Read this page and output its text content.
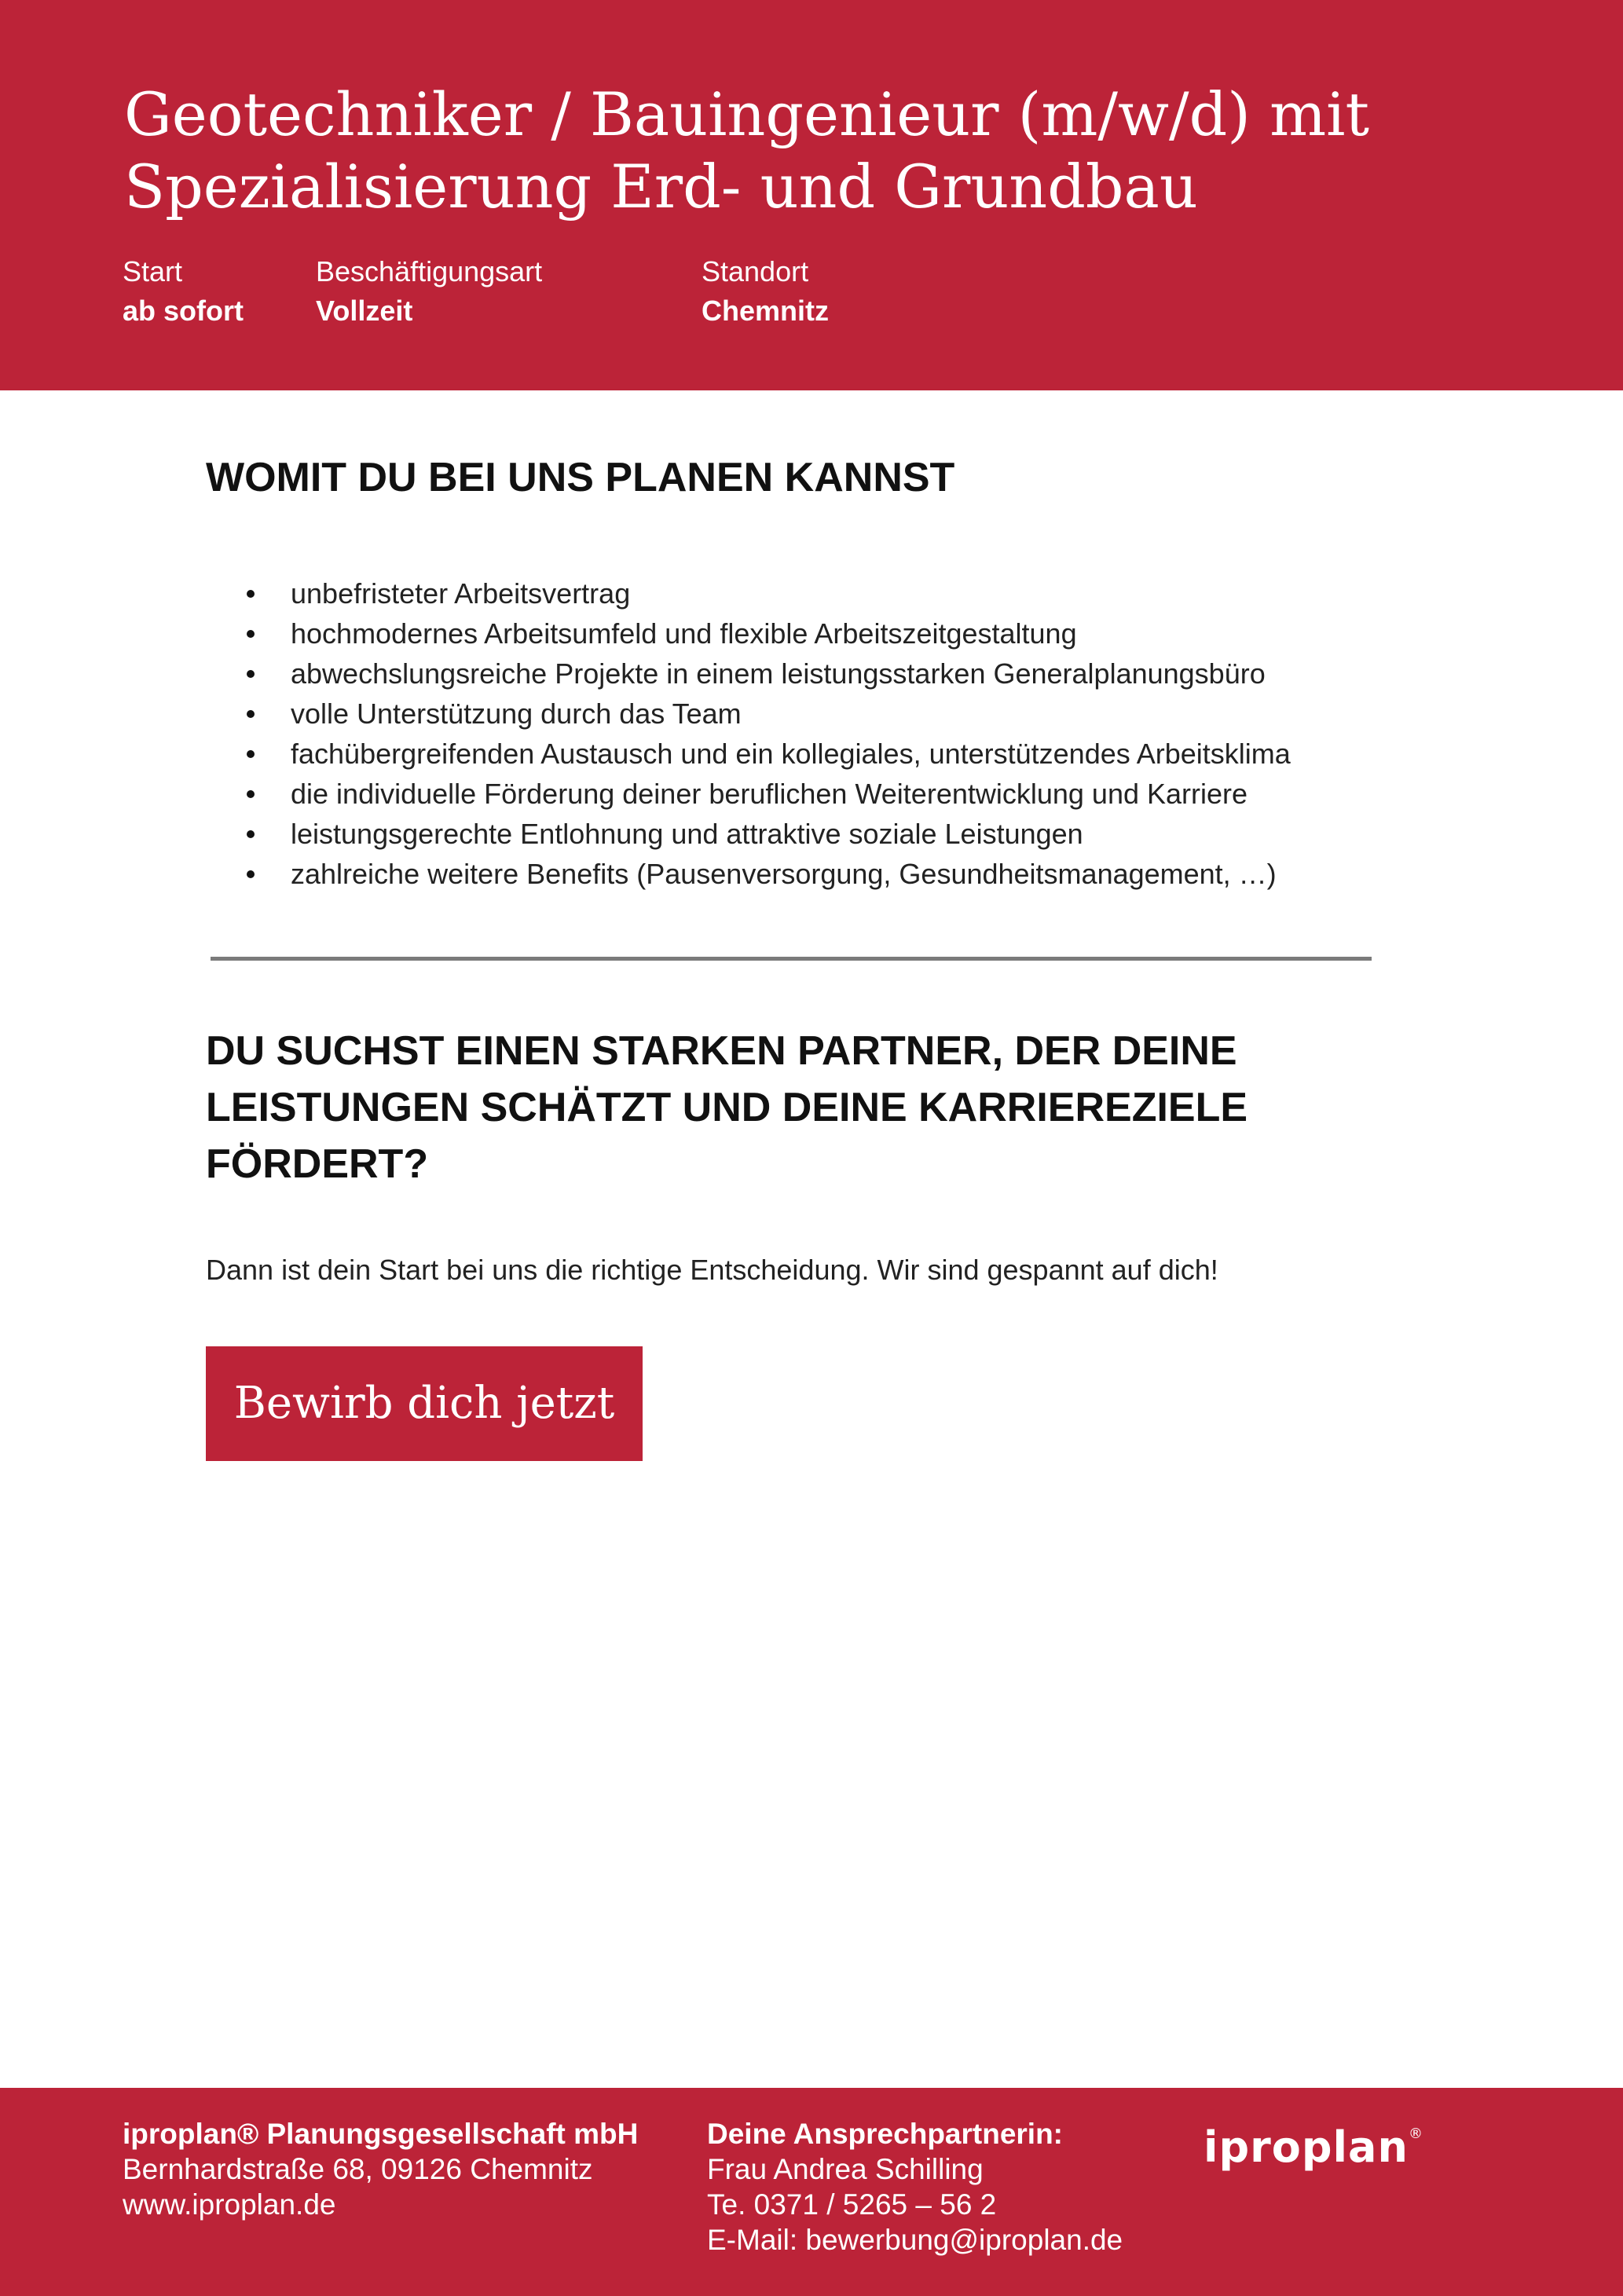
Geotechniker / Bauingenieur (m/w/d) mit
Spezialisierung Erd- und Grundbau
Start
ab sofort
Beschäftigungsart
Vollzeit
Standort
Chemnitz
WOMIT DU BEI UNS PLANEN KANNST
unbefristeter Arbeitsvertrag
hochmodernes Arbeitsumfeld und flexible Arbeitszeitgestaltung
abwechslungsreiche Projekte in einem leistungsstarken Generalplanungsbüro
volle Unterstützung durch das Team
fachübergreifenden Austausch und ein kollegiales, unterstützendes Arbeitsklima
die individuelle Förderung deiner beruflichen Weiterentwicklung und Karriere
leistungsgerechte Entlohnung und attraktive soziale Leistungen
zahlreiche weitere Benefits (Pausenversorgung, Gesundheitsmanagement, …)
DU SUCHST EINEN STARKEN PARTNER, DER DEINE
LEISTUNGEN SCHÄTZT UND DEINE KARRIEREZIELE
FÖRDERT?
Dann ist dein Start bei uns die richtige Entscheidung. Wir sind gespannt auf dich!
Bewirb dich jetzt
iproplan® Planungsgesellschaft mbH
Bernhardstraße 68, 09126 Chemnitz
www.iproplan.de
Deine Ansprechpartnerin:
Frau Andrea Schilling
Te. 0371 / 5265 – 56 2
E-Mail: bewerbung@iproplan.de
iproplan®
